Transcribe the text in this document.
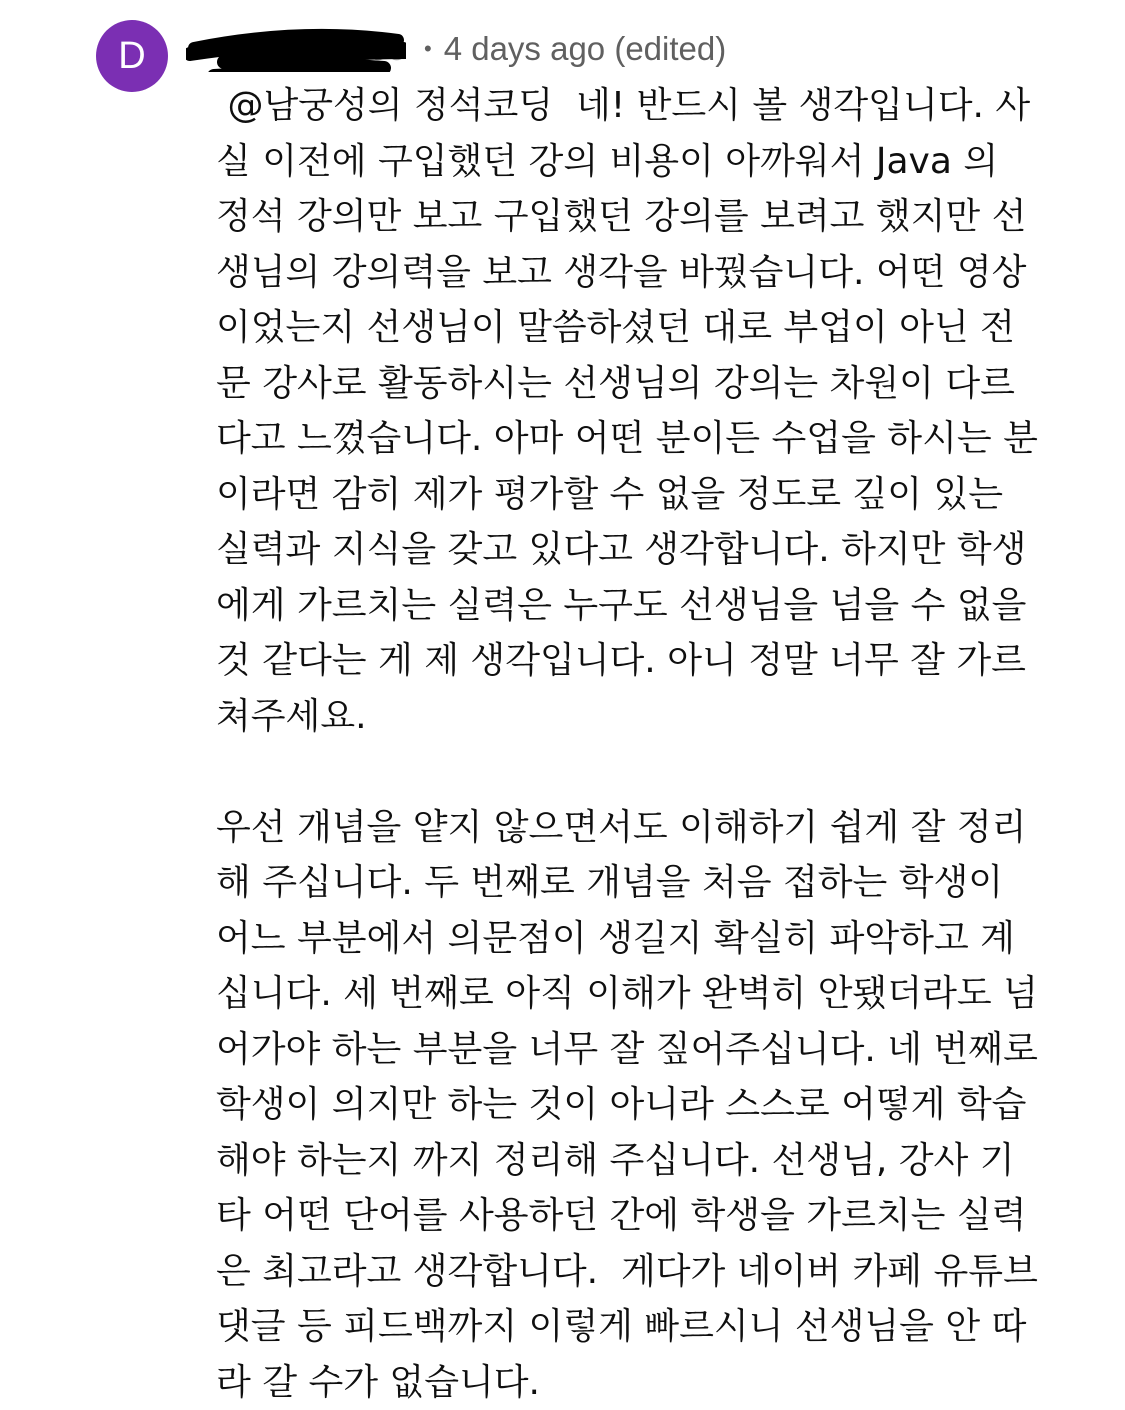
D	Yoo • 4 days ago (edited)
@남궁성의 정석코딩  네! 반드시 볼 생각입니다. 사
실 이전에 구입했던 강의 비용이 아까워서 Java 의
정석 강의만 보고 구입했던 강의를 보려고 했지만 선
생님의 강의력을 보고 생각을 바꿨습니다. 어떤 영상
이었는지 선생님이 말씀하셨던 대로 부업이 아닌 전
문 강사로 활동하시는 선생님의 강의는 차원이 다르
다고 느꼈습니다. 아마 어떤 분이든 수업을 하시는 분
이라면 감히 제가 평가할 수 없을 정도로 깊이 있는
실력과 지식을 갖고 있다고 생각합니다. 하지만 학생
에게 가르치는 실력은 누구도 선생님을 넘을 수 없을
것 같다는 게 제 생각입니다. 아니 정말 너무 잘 가르
쳐주세요.
우선 개념을 얕지 않으면서도 이해하기 쉽게 잘 정리
해 주십니다. 두 번째로 개념을 처음 접하는 학생이
어느 부분에서 의문점이 생길지 확실히 파악하고 계
십니다. 세 번째로 아직 이해가 완벽히 안됐더라도 넘
어가야 하는 부분을 너무 잘 짚어주십니다. 네 번째로
학생이 의지만 하는 것이 아니라 스스로 어떻게 학습
해야 하는지 까지 정리해 주십니다. 선생님, 강사 기
타 어떤 단어를 사용하던 간에 학생을 가르치는 실력
은 최고라고 생각합니다.  게다가 네이버 카페 유튜브
댓글 등 피드백까지 이렇게 빠르시니 선생님을 안 따
라 갈 수가 없습니다.
